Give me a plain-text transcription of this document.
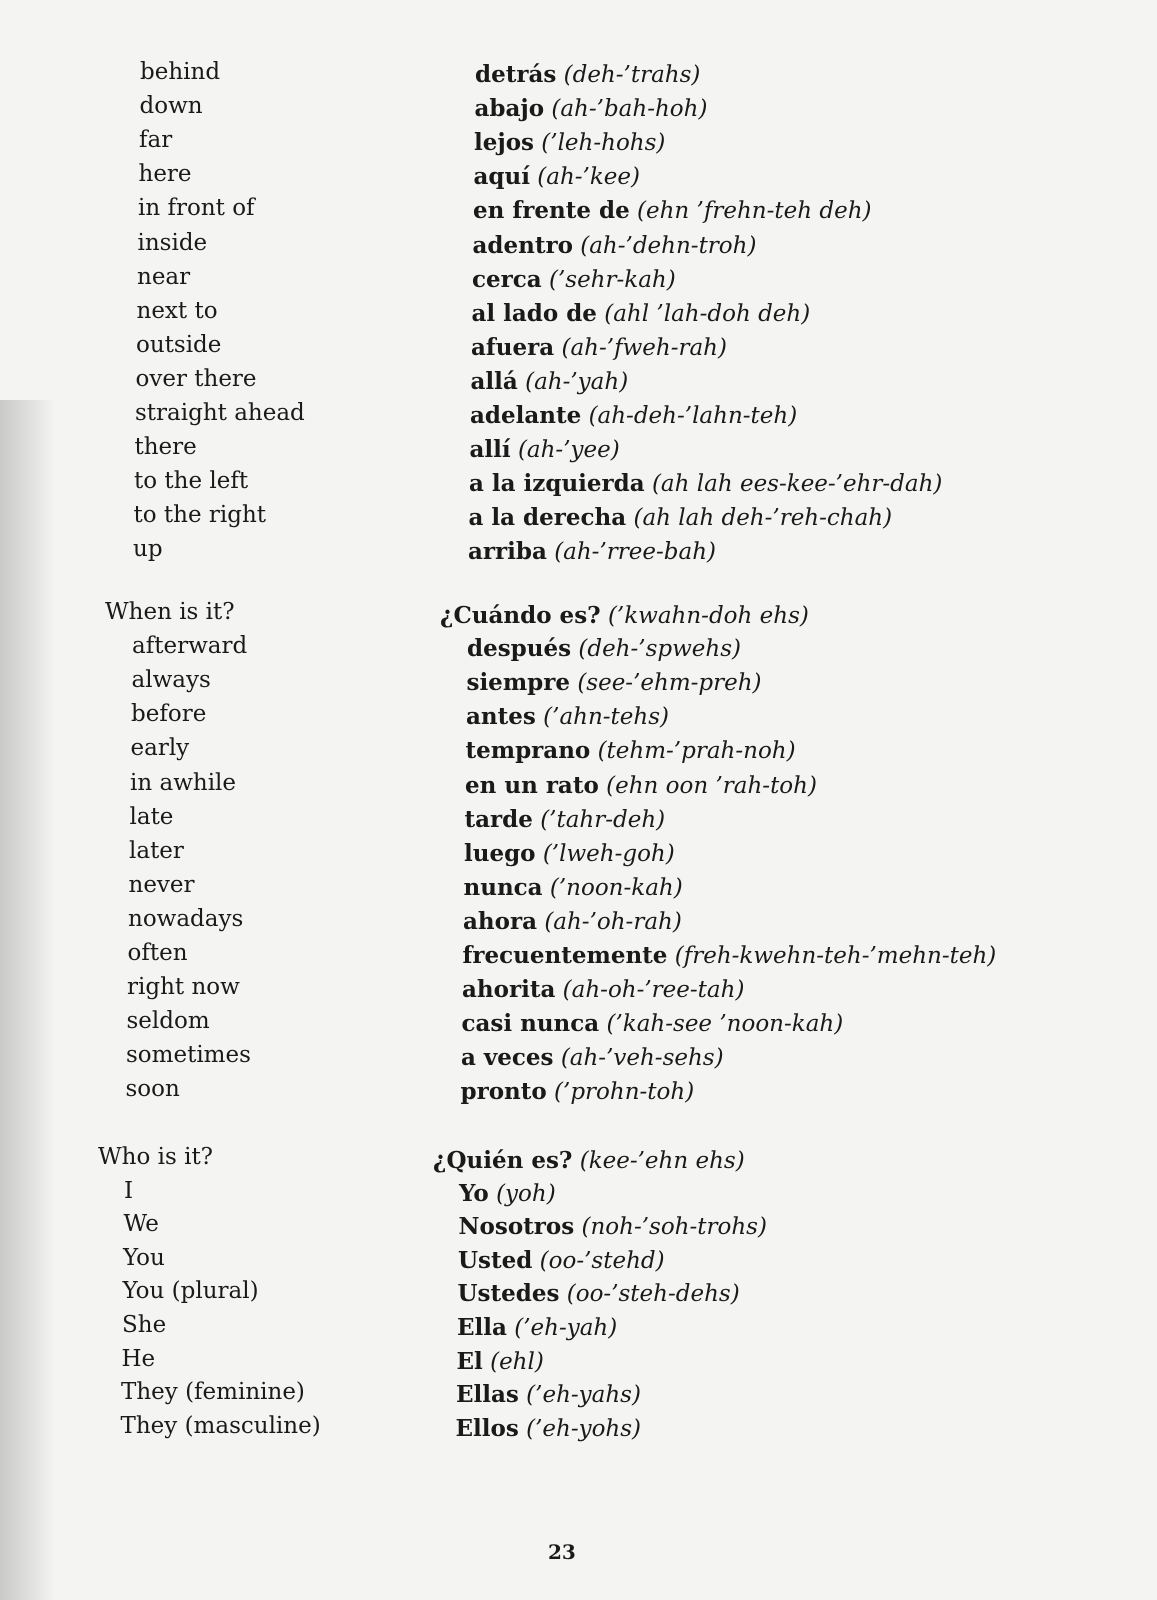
behind	detrás (deh-’trahs)
down	abajo (ah-’bah-hoh)
far	lejos (’leh-hohs)
here	aquí (ah-’kee)
in front of	en frente de (ehn ’frehn-teh deh)
inside	adentro (ah-’dehn-troh)
near	cerca (’sehr-kah)
next to	al lado de (ahl ’lah-doh deh)
outside	afuera (ah-’fweh-rah)
over there	allá (ah-’yah)
straight ahead	adelante (ah-deh-’lahn-teh)
there	allí (ah-’yee)
to the left	a la izquierda (ah lah ees-kee-’ehr-dah)
to the right	a la derecha (ah lah deh-’reh-chah)
up	arriba (ah-’rree-bah)
When is it?	¿Cuándo es? (’kwahn-doh ehs)
afterward	después (deh-’spwehs)
always	siempre (see-’ehm-preh)
before	antes (’ahn-tehs)
early	temprano (tehm-’prah-noh)
in awhile	en un rato (ehn oon ’rah-toh)
late	tarde (’tahr-deh)
later	luego (’lweh-goh)
never	nunca (’noon-kah)
nowadays	ahora (ah-’oh-rah)
often	frecuentemente (freh-kwehn-teh-’mehn-teh)
right now	ahorita (ah-oh-’ree-tah)
seldom	casi nunca (’kah-see ’noon-kah)
sometimes	a veces (ah-’veh-sehs)
soon	pronto (’prohn-toh)
Who is it?	¿Quién es? (kee-’ehn ehs)
I	Yo (yoh)
We	Nosotros (noh-’soh-trohs)
You	Usted (oo-’stehd)
You (plural)	Ustedes (oo-’steh-dehs)
She	Ella (’eh-yah)
He	El (ehl)
They (feminine)	Ellas (’eh-yahs)
They (masculine)	Ellos (’eh-yohs)
23
